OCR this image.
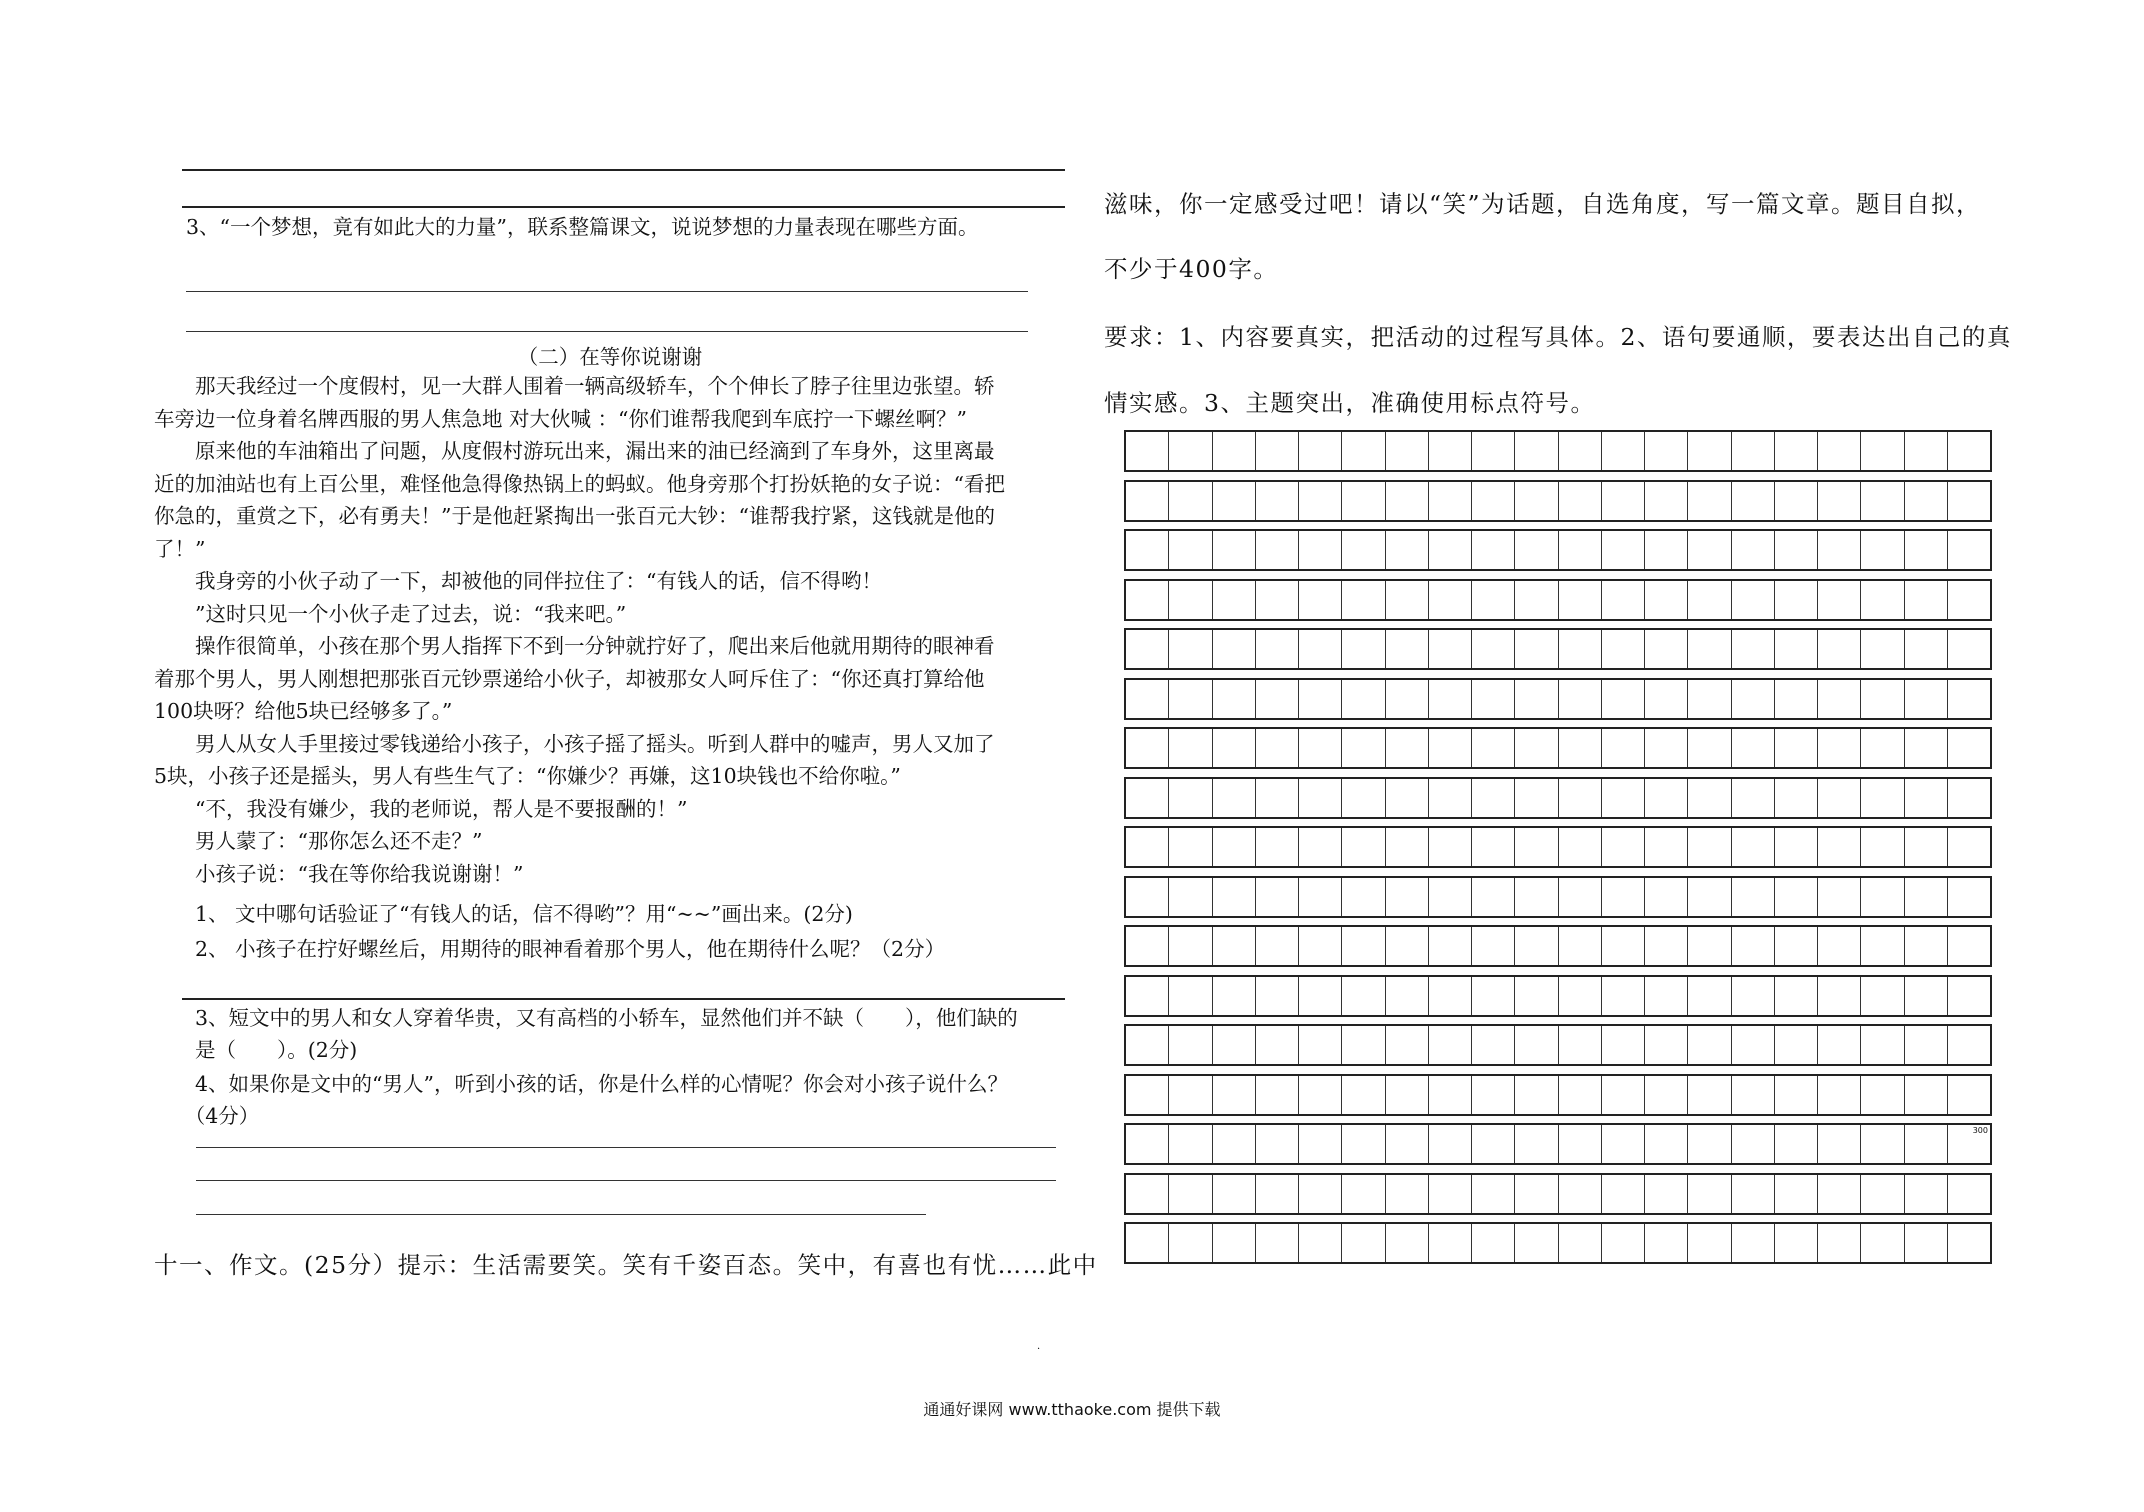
3、“一个梦想，竟有如此大的力量”，联系整篇课文，说说梦想的力量表现在哪些方面。
（二）在等你说谢谢
　　那天我经过一个度假村，见一大群人围着一辆高级轿车，个个伸长了脖子往里边张望。轿
车旁边一位身着名牌西服的男人焦急地 对大伙喊 ：“你们谁帮我爬到车底拧一下螺丝啊？”
　　原来他的车油箱出了问题，从度假村游玩出来，漏出来的油已经滴到了车身外，这里离最
近的加油站也有上百公里，难怪他急得像热锅上的蚂蚁。他身旁那个打扮妖艳的女子说：“看把
你急的，重赏之下，必有勇夫！”于是他赶紧掏出一张百元大钞：“谁帮我拧紧，这钱就是他的
了！”
　　我身旁的小伙子动了一下，却被他的同伴拉住了：“有钱人的话，信不得哟！
　　”这时只见一个小伙子走了过去，说：“我来吧。”
　　操作很简单，小孩在那个男人指挥下不到一分钟就拧好了，爬出来后他就用期待的眼神看
着那个男人，男人刚想把那张百元钞票递给小伙子，却被那女人呵斥住了：“你还真打算给他
100块呀？给他5块已经够多了。”
　　男人从女人手里接过零钱递给小孩子，小孩子摇了摇头。听到人群中的嘘声，男人又加了
5块，小孩子还是摇头，男人有些生气了：“你嫌少？再嫌，这10块钱也不给你啦。”
　　“不，我没有嫌少，我的老师说，帮人是不要报酬的！”
　　男人蒙了：“那你怎么还不走？”
　　小孩子说：“我在等你给我说谢谢！”
　　1、 文中哪句话验证了“有钱人的话，信不得哟”？用“~~”画出来。(2分)
　　2、 小孩子在拧好螺丝后，用期待的眼神看着那个男人，他在期待什么呢？（2分）
　　3、短文中的男人和女人穿着华贵，又有高档的小轿车，显然他们并不缺（　　），他们缺的
　　是（　　）。(2分)
　　4、如果你是文中的“男人”，听到小孩的话，你是什么样的心情呢？你会对小孩子说什么？
　　（4分）
十一、作文。(25分）提示：生活需要笑。笑有千姿百态。笑中，有喜也有忧……此中
滋味，你一定感受过吧！请以“笑”为话题，自选角度，写一篇文章。题目自拟，
不少于400字。
要求：1、内容要真实，把活动的过程写具体。2、语句要通顺，要表达出自己的真
情实感。3、主题突出，准确使用标点符号。
300
·
通通好课网 www.tthaoke.com 提供下载
